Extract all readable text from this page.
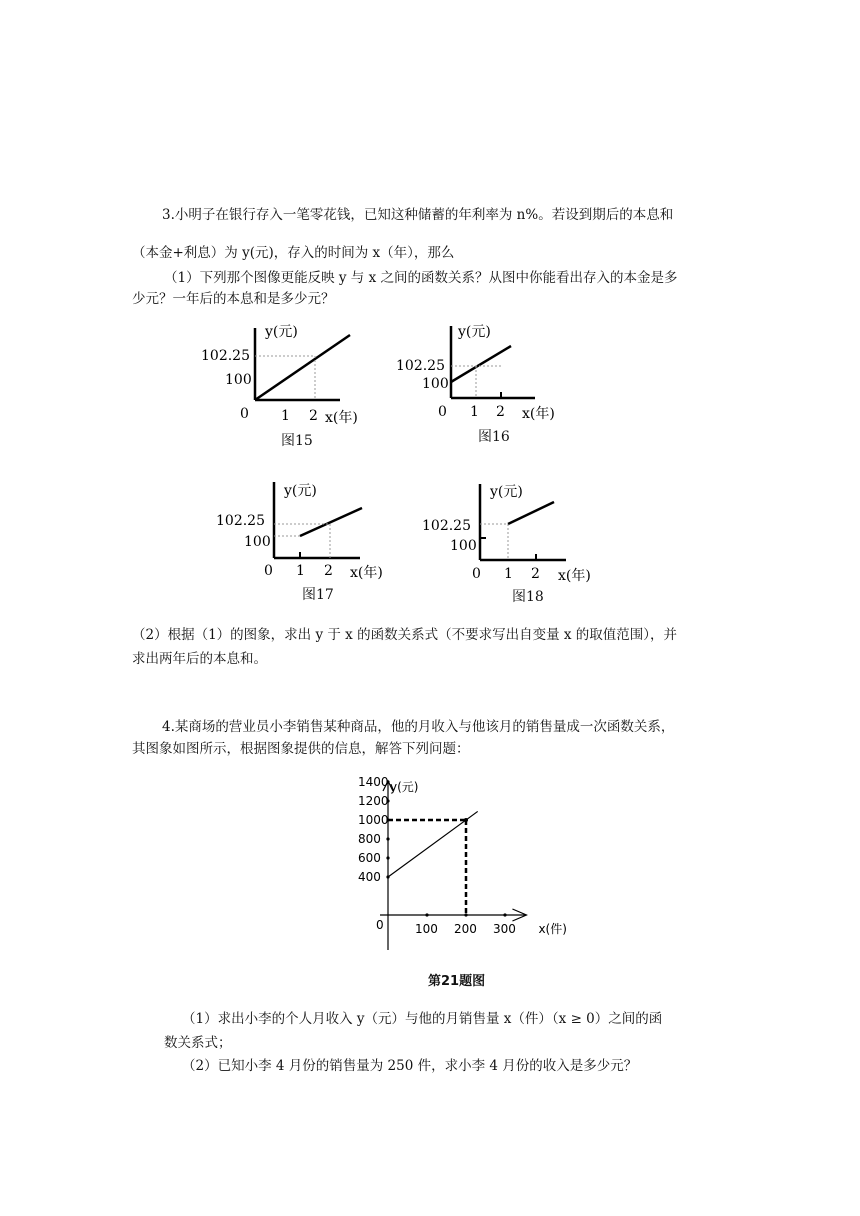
3.小明子在银行存入一笔零花钱，已知这种储蓄的年利率为 n%。若设到期后的本息和
（本金+利息）为 y(元)，存入的时间为 x（年），那么
（1）下列那个图像更能反映 y 与 x 之间的函数关系？从图中你能看出存入的本金是多
少元？一年后的本息和是多少元？
y(元)
102.25
100
0 1 2 x(年)
图15
y(元)
102.25
100
0 1 2 x(年)
图16
y(元)
102.25
100
0 1 2 x(年)
图17
y(元)
102.25
100
0 1 2 x(年)
图18
（2）根据（1）的图象，求出 y 于 x 的函数关系式（不要求写出自变量 x 的取值范围），并
求出两年后的本息和。
4.某商场的营业员小李销售某种商品，他的月收入与他该月的销售量成一次函数关系，
其图象如图所示，根据图象提供的信息，解答下列问题：
y(元)
x(件)
0
400
600
800
1000
1200
1400
100 200 300
第21题图
（1）求出小李的个人月收入 y（元）与他的月销售量 x（件）（x ≥ 0）之间的函
数关系式；
（2）已知小李 4 月份的销售量为 250 件，求小李 4 月份的收入是多少元？
